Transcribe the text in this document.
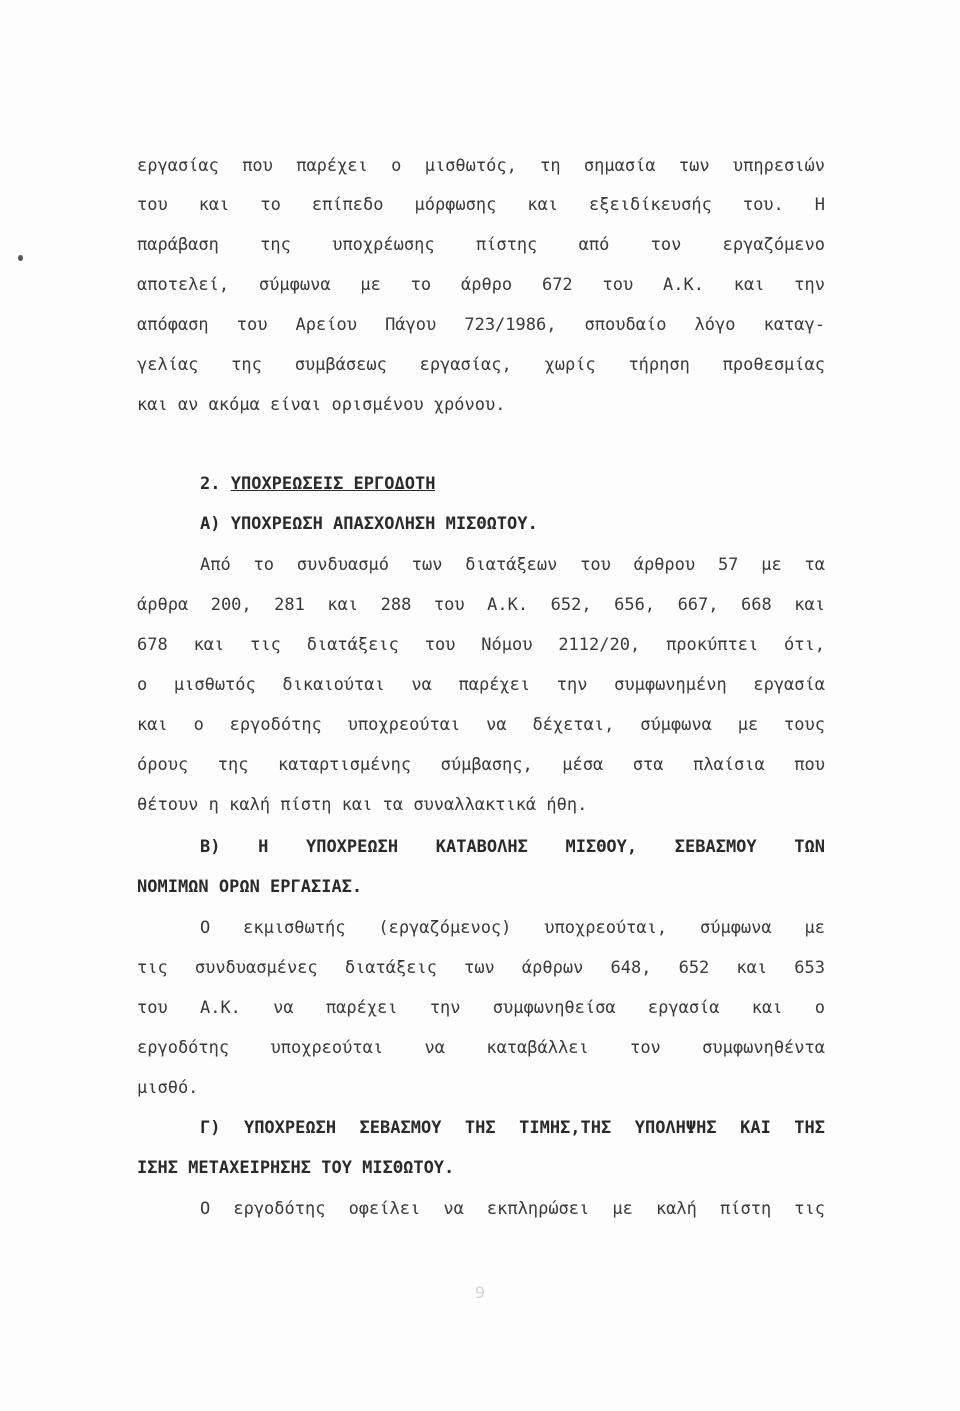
εργασίας που παρέχει ο μισθωτός, τη σημασία των υπηρεσιών
του και το επίπεδο μόρφωσης και εξειδίκευσής του. Η
παράβαση της υποχρέωσης πίστης από τον εργαζόμενο
αποτελεί, σύμφωνα με το άρθρο 672 του Α.Κ. και την
απόφαση του Αρείου Πάγου 723/1986, σπουδαίο λόγο καταγ-
γελίας της συμβάσεως εργασίας, χωρίς τήρηση προθεσμίας
και αν ακόμα είναι ορισμένου χρόνου.
2. ΥΠΟΧΡΕΩΣΕΙΣ ΕΡΓΟΔΟΤΗ
Α) ΥΠΟΧΡΕΩΣΗ ΑΠΑΣΧΟΛΗΣΗ ΜΙΣΘΩΤΟΥ.
Από το συνδυασμό των διατάξεων του άρθρου 57 με τα
άρθρα 200, 281 και 288 του Α.Κ. 652, 656, 667, 668 και
678 και τις διατάξεις του Νόμου 2112/20, προκύπτει ότι,
ο μισθωτός δικαιούται να παρέχει την συμφωνημένη εργασία
και ο εργοδότης υποχρεούται να δέχεται, σύμφωνα με τους
όρους της καταρτισμένης σύμβασης, μέσα στα πλαίσια που
θέτουν η καλή πίστη και τα συναλλακτικά ήθη.
Β) Η ΥΠΟΧΡΕΩΣΗ ΚΑΤΑΒΟΛΗΣ ΜΙΣΘΟΥ, ΣΕΒΑΣΜΟΥ ΤΩΝ
ΝΟΜΙΜΩΝ ΟΡΩΝ ΕΡΓΑΣΙΑΣ.
Ο εκμισθωτής (εργαζόμενος) υποχρεούται, σύμφωνα με
τις συνδυασμένες διατάξεις των άρθρων 648, 652 και 653
του Α.Κ. να παρέχει την συμφωνηθείσα εργασία και ο
εργοδότης υποχρεούται να καταβάλλει τον συμφωνηθέντα
μισθό.
Γ) ΥΠΟΧΡΕΩΣΗ ΣΕΒΑΣΜΟΥ ΤΗΣ ΤΙΜΗΣ,ΤΗΣ ΥΠΟΛΗΨΗΣ ΚΑΙ ΤΗΣ
ΙΣΗΣ ΜΕΤΑΧΕΙΡΗΣΗΣ ΤΟΥ ΜΙΣΘΩΤΟΥ.
Ο εργοδότης οφείλει να εκπληρώσει με καλή πίστη τις
9
